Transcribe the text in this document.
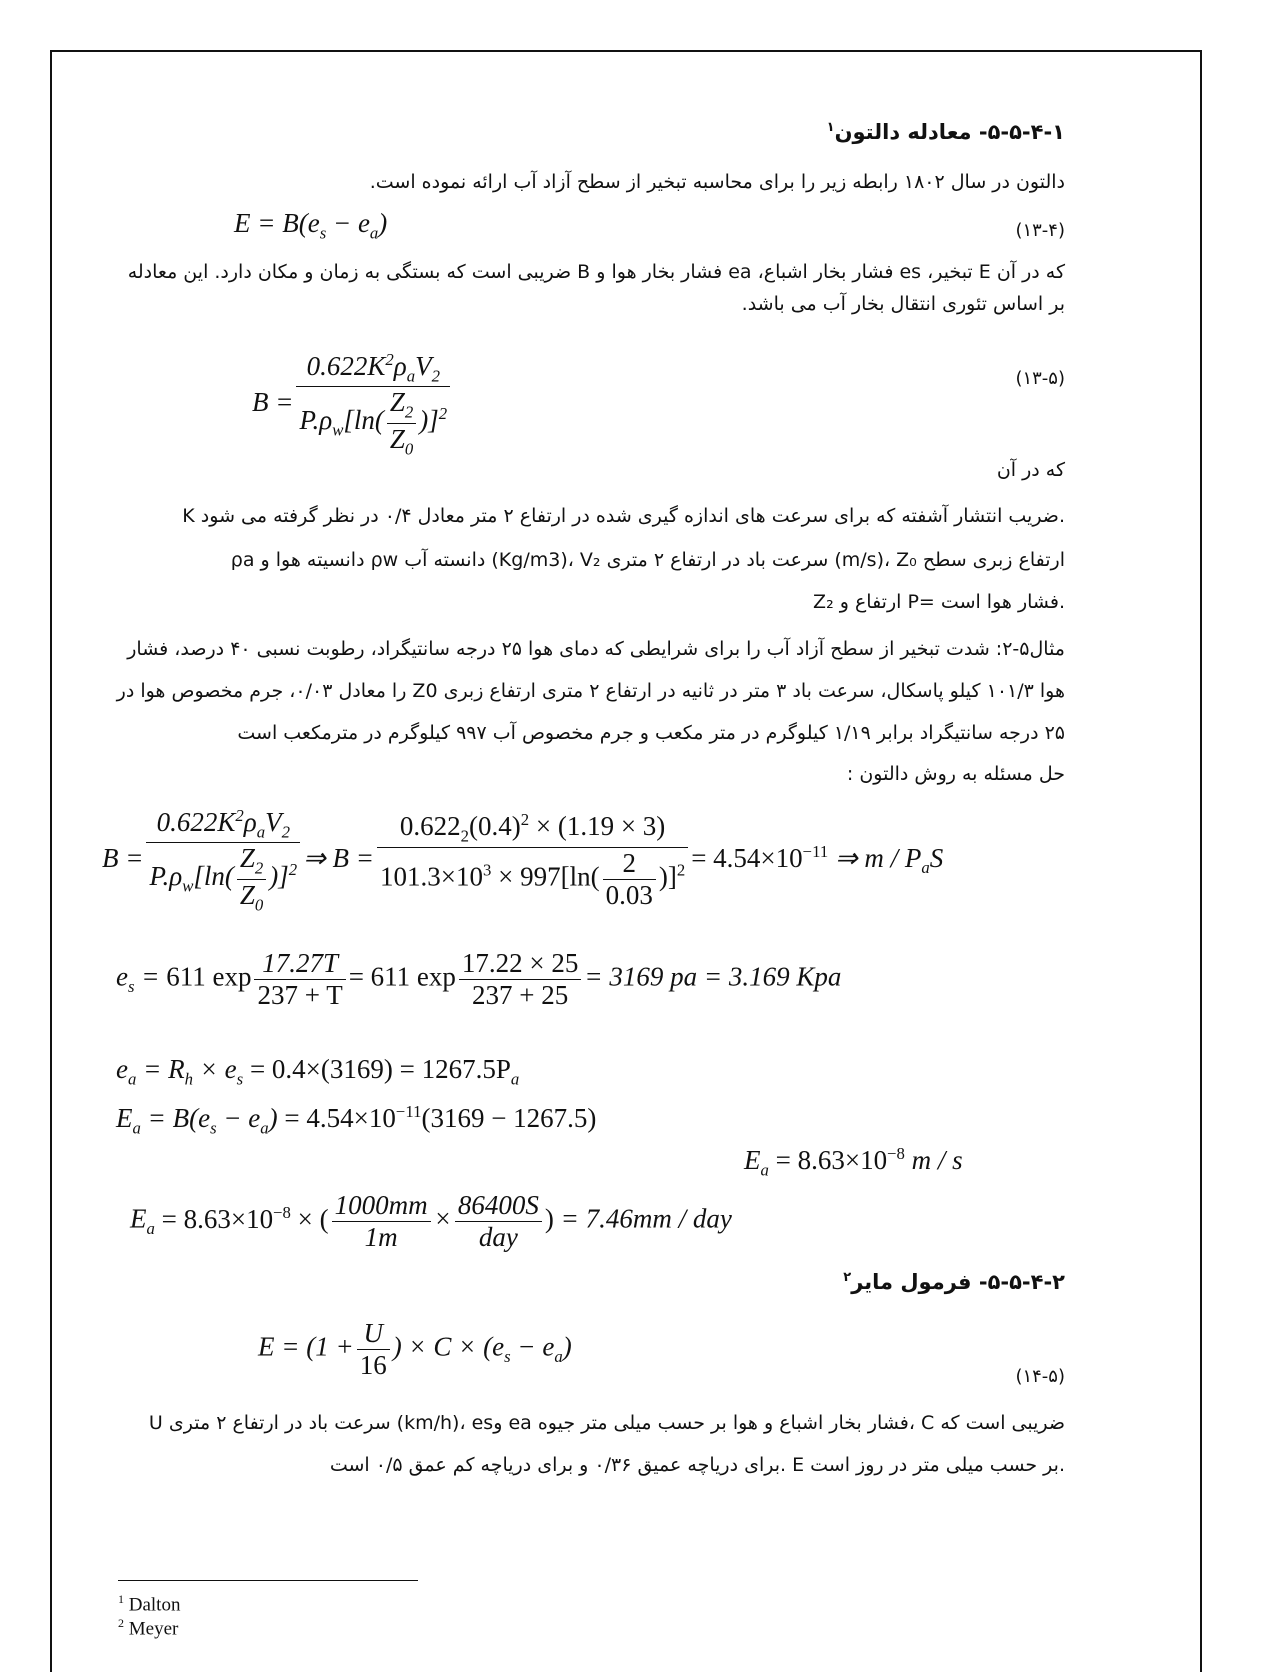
۵-۵-۴-۱- معادله دالتون$^۱$
دالتون در سال ۱۸۰۲ رابطه زیر را برای محاسبه تبخیر از سطح آزاد آب ارائه نموده است.
$E = B(e_s - e_a)$	(۱۳-۴)
که در آن E تبخیر، es فشار بخار اشباع، ea فشار بخار هوا و B ضریبی است که بستگی به زمان و مکان دارد. این معادله بر اساس تئوری انتقال بخار آب می باشد.
$B = \frac{0.622K^2\rho_aV_2}{P.\rho_w[\ln( \frac{Z_2}{Z_0} )]^2}$	(۱۳-۵)
که در آن
K ضریب انتشار آشفته که برای سرعت های اندازه گیری شده در ارتفاع ۲ متر معادل ۰/۴ در نظر گرفته می شود.
ρa دانسیته هوا و ρw دانسته آب (Kg/m3)، V₂ سرعت باد در ارتفاع ۲ متری (m/s)، Z₀ ارتفاع زبری سطح
Z₂ ارتفاع و P= فشار هوا است.
مثال۵-۲: شدت تبخیر از سطح آزاد آب را برای شرایطی که دمای هوا ۲۵ درجه سانتیگراد، رطوبت نسبی ۴۰ درصد، فشار هوا ۱۰۱/۳ کیلو پاسکال، سرعت باد ۳ متر در ثانیه در ارتفاع ۲ متری ارتفاع زبری Z0 را معادل ۰/۰۳، جرم مخصوص هوا در ۲۵ درجه سانتیگراد برابر ۱/۱۹ کیلوگرم در متر مکعب و جرم مخصوص آب ۹۹۷ کیلوگرم در مترمکعب است
حل مسئله به روش دالتون :
$B = \frac{0.622K^2\rho_aV_2}{P.\rho_w[\ln( \frac{Z_2}{Z_0} )]^2}$ ⇒ $B = \frac{0.622_2(0.4)^2 \times (1.19 \times 3)}{101.3\times 10^3 \times 997[\ln( \frac{2}{0.03} )]^2} = 4.54\times 10^{-11}$ ⇒ m / $P_aS$
$e_s = 611$ $\exp \frac{17.27T}{237 + T} = 611$ $\exp \frac{17.22 \times 25}{237 + 25} = 3169$ pa = 3.169 Kpa
$e_a = R_h \times e_s = 0.4\times(3169) = 1267.5P_a$
$E_a = B(e_s - e_a) = 4.54\times 10^{-11}(3169 - 1267.5)$
$E_a = 8.63\times 10^{-8}$ m / s
$E_a = 8.63\times 10^{-8}$ × ( $\frac{1000mm}{1m} \times \frac{86400S}{\text{day}}$ ) = 7.46mm / day
۵-۵-۴-۲- فرمول مایر$^۲$
$E = (1 + \frac{U}{16}$ ) × $C \times (e_s - e_a)$
(۱۴-۵)
U سرعت باد در ارتفاع ۲ متری (km/h)، esو ea فشار بخار اشباع و هوا بر حسب میلی متر جیوه، C ضریبی است که برای دریاچه عمیق ۰/۳۶ و برای دریاچه کم عمق ۰/۵ است. E بر حسب میلی متر در روز است.
$^1$ Dalton
$^2$ Meyer
